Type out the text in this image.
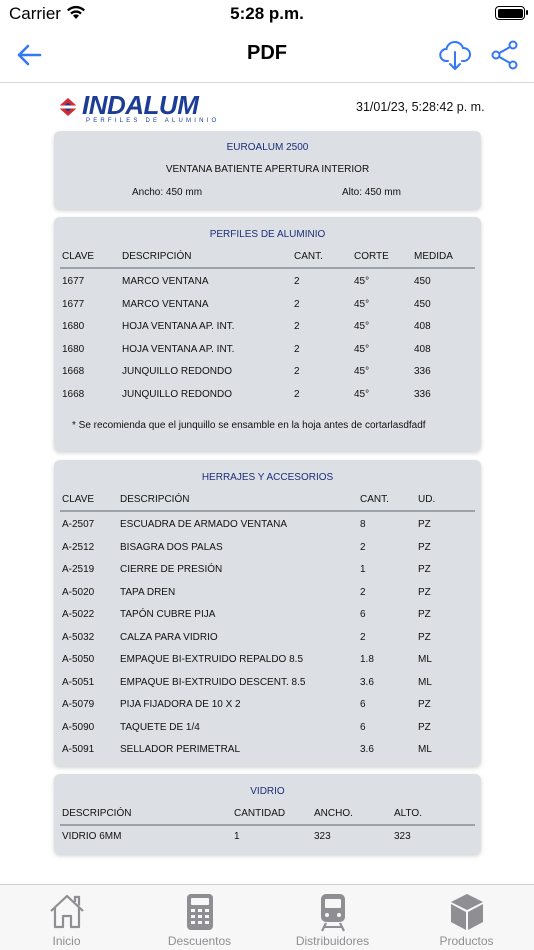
Carrier	5:28 p.m.
PDF
INDALUM
PERFILES DE ALUMINIO
31/01/23, 5:28:42 p. m.
EUROALUM 2500
VENTANA BATIENTE APERTURA INTERIOR
Ancho: 450 mm	Alto: 450 mm
PERFILES DE ALUMINIO
CLAVE	DESCRIPCIÓN	CANT.	CORTE	MEDIDA
1677	MARCO VENTANA	2	45°	450
1677	MARCO VENTANA	2	45°	450
1680	HOJA VENTANA AP. INT.	2	45°	408
1680	HOJA VENTANA AP. INT.	2	45°	408
1668	JUNQUILLO REDONDO	2	45°	336
1668	JUNQUILLO REDONDO	2	45°	336
* Se recomienda que el junquillo se ensamble en la hoja antes de cortarlasdfadf
HERRAJES Y ACCESORIOS
CLAVE	DESCRIPCIÓN	CANT.	UD.
A-2507	ESCUADRA DE ARMADO VENTANA	8	PZ
A-2512	BISAGRA DOS PALAS	2	PZ
A-2519	CIERRE DE PRESIÓN	1	PZ
A-5020	TAPA DREN	2	PZ
A-5022	TAPÓN CUBRE PIJA	6	PZ
A-5032	CALZA PARA VIDRIO	2	PZ
A-5050	EMPAQUE BI-EXTRUIDO REPALDO 8.5	1.8	ML
A-5051	EMPAQUE BI-EXTRUIDO DESCENT. 8.5	3.6	ML
A-5079	PIJA FIJADORA DE 10 X 2	6	PZ
A-5090	TAQUETE DE 1/4	6	PZ
A-5091	SELLADOR PERIMETRAL	3.6	ML
VIDRIO
DESCRIPCIÓN	CANTIDAD	ANCHO.	ALTO.
VIDRIO 6MM	1	323	323
Inicio	Descuentos	Distribuidores	Productos
